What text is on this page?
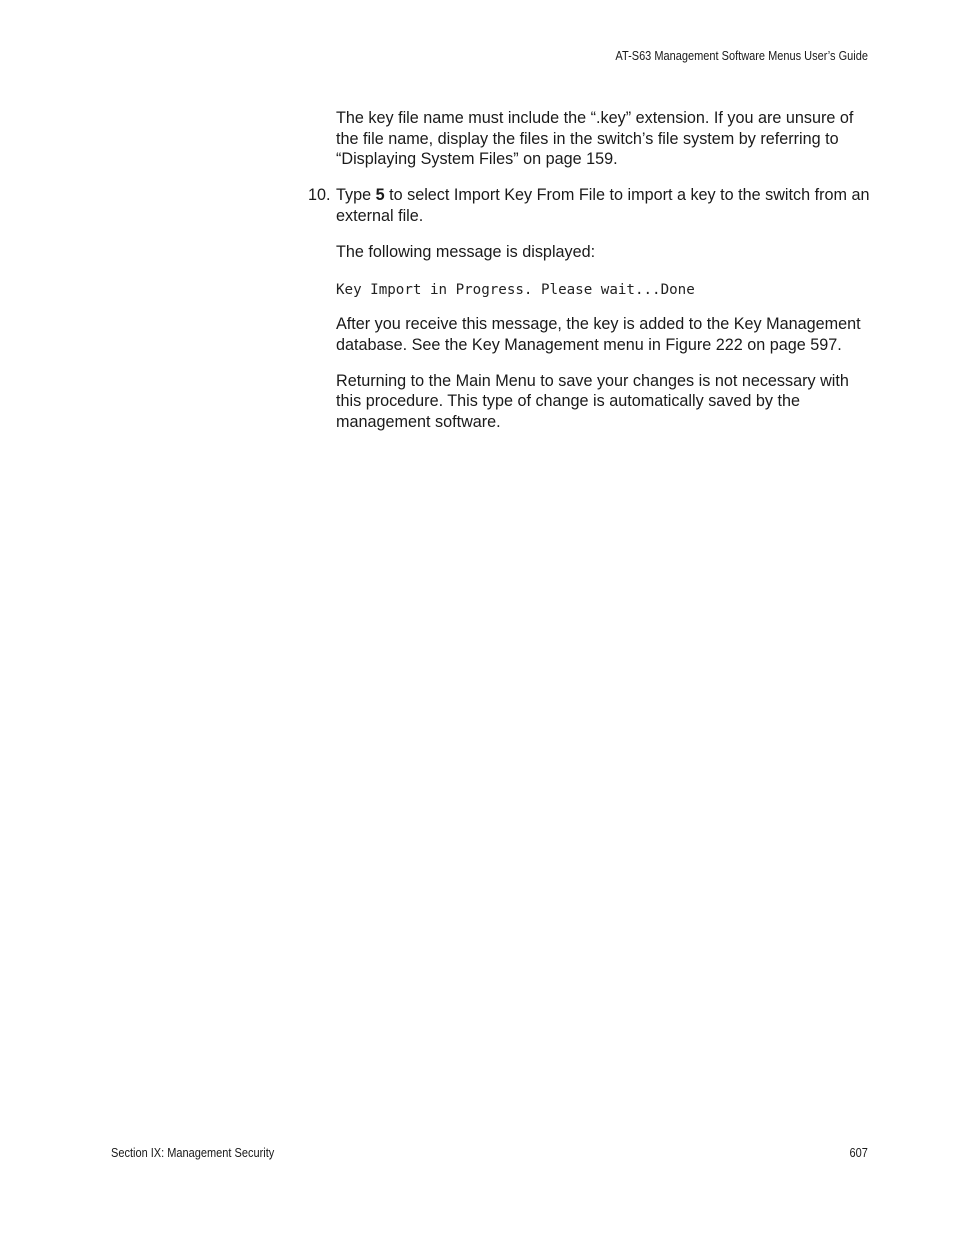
AT-S63 Management Software Menus User’s Guide

The key file name must include the “.key” extension. If you are unsure of the file name, display the files in the switch’s file system by referring to “Displaying System Files” on page 159.

10. Type 5 to select Import Key From File to import a key to the switch from an external file.

The following message is displayed:

Key Import in Progress. Please wait...Done

After you receive this message, the key is added to the Key Management database. See the Key Management menu in Figure 222 on page 597.

Returning to the Main Menu to save your changes is not necessary with this procedure. This type of change is automatically saved by the management software.

Section IX: Management Security	607
